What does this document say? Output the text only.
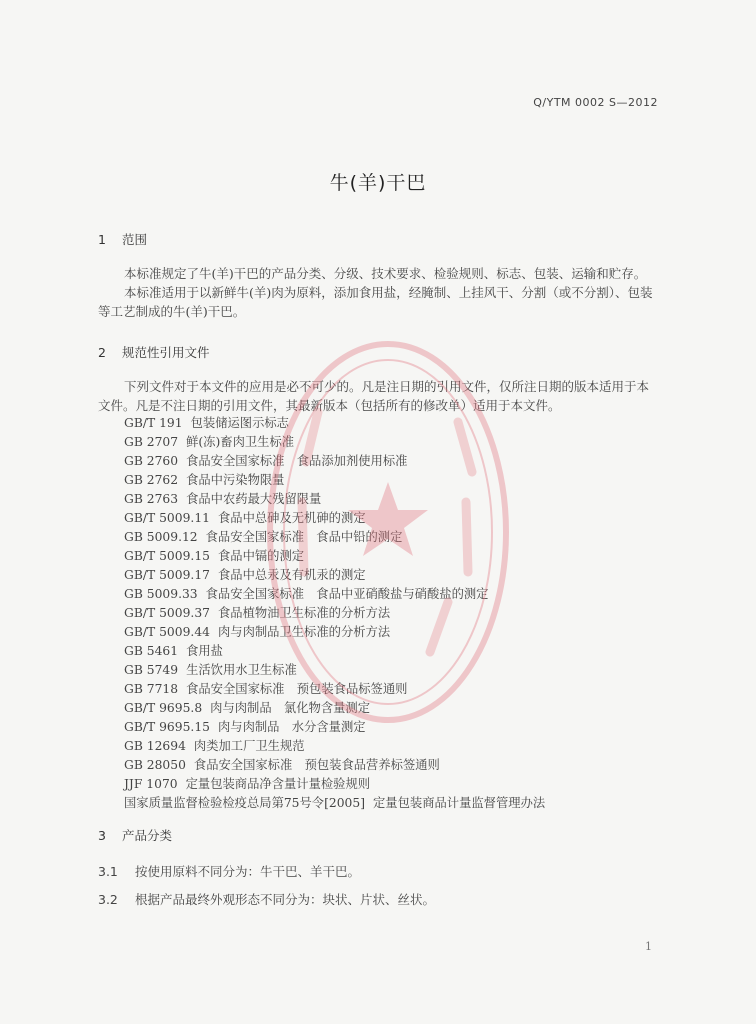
Q/YTM 0002 S—2012
牛(羊)干巴
1 范围

本标准规定了牛(羊)干巴的产品分类、分级、技术要求、检验规则、标志、包装、运输和贮存。

本标准适用于以新鲜牛(羊)肉为原料，添加食用盐，经腌制、上挂风干、分割（或不分割）、包装等工艺制成的牛(羊)干巴。

2 规范性引用文件

下列文件对于本文件的应用是必不可少的。凡是注日期的引用文件，仅所注日期的版本适用于本文件。凡是不注日期的引用文件，其最新版本（包括所有的修改单）适用于本文件。

GB/T 191 包装储运图示标志
GB 2707 鲜(冻)畜肉卫生标准
GB 2760 食品安全国家标准　食品添加剂使用标准
GB 2762 食品中污染物限量
GB 2763 食品中农药最大残留限量
GB/T 5009.11 食品中总砷及无机砷的测定
GB 5009.12 食品安全国家标准　食品中铅的测定
GB/T 5009.15 食品中镉的测定
GB/T 5009.17 食品中总汞及有机汞的测定
GB 5009.33 食品安全国家标准　食品中亚硝酸盐与硝酸盐的测定
GB/T 5009.37 食品植物油卫生标准的分析方法
GB/T 5009.44 肉与肉制品卫生标准的分析方法
GB 5461 食用盐
GB 5749 生活饮用水卫生标准
GB 7718 食品安全国家标准　预包装食品标签通则
GB/T 9695.8 肉与肉制品　氯化物含量测定
GB/T 9695.15 肉与肉制品　水分含量测定
GB 12694 肉类加工厂卫生规范
GB 28050 食品安全国家标准　预包装食品营养标签通则
JJF 1070 定量包装商品净含量计量检验规则
国家质量监督检验检疫总局第75号令[2005] 定量包装商品计量监督管理办法
3 产品分类
3.1 按使用原料不同分为：牛干巴、羊干巴。
3.2 根据产品最终外观形态不同分为：块状、片状、丝状。
1
